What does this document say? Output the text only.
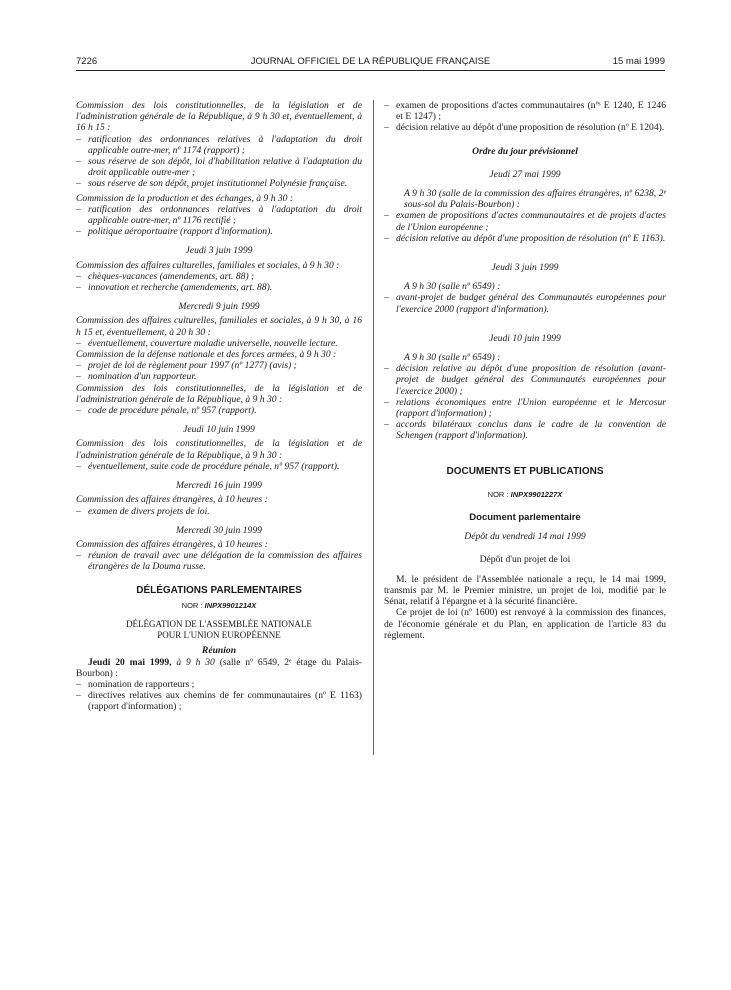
7226	JOURNAL OFFICIEL DE LA RÉPUBLIQUE FRANÇAISE	15 mai 1999

Commission des lois constitutionnelles, de la législation et de l'administration générale de la République, à 9 h 30 et, éventuellement, à 16 h 15 :

– ratification des ordonnances relatives à l'adaptation du droit applicable outre-mer, nº 1174 (rapport) ;

– sous réserve de son dépôt, loi d'habilitation relative à l'adaptation du droit applicable outre-mer ;

– sous réserve de son dépôt, projet institutionnel Polynésie française.

Commission de la production et des échanges, à 9 h 30 :

– ratification des ordonnances relatives à l'adaptation du droit applicable outre-mer, nº 1176 rectifié ;

– politique aéroportuaire (rapport d'information).

Jeudi 3 juin 1999

Commission des affaires culturelles, familiales et sociales, à 9 h 30 :

– chèques-vacances (amendements, art. 88) ;

– innovation et recherche (amendements, art. 88).

Mercredi 9 juin 1999

Commission des affaires culturelles, familiales et sociales, à 9 h 30, à 16 h 15 et, éventuellement, à 20 h 30 :

– éventuellement, couverture maladie universelle, nouvelle lecture.

Commission de la défense nationale et des forces armées, à 9 h 30 :

– projet de loi de règlement pour 1997 (nº 1277) (avis) ;

– nomination d'un rapporteur.

Commission des lois constitutionnelles, de la législation et de l'administration générale de la République, à 9 h 30 :

– code de procédure pénale, nº 957 (rapport).

Jeudi 10 juin 1999

Commission des lois constitutionnelles, de la législation et de l'administration générale de la République, à 9 h 30 :

– éventuellement, suite code de procédure pénale, nº 957 (rapport).

Mercredi 16 juin 1999

Commission des affaires étrangères, à 10 heures :

– examen de divers projets de loi.

Mercredi 30 juin 1999

Commission des affaires étrangères, à 10 heures :

– réunion de travail avec une délégation de la commission des affaires étrangères de la Douma russe.

DÉLÉGATIONS PARLEMENTAIRES

NOR : INPX9901214X

DÉLÉGATION DE L'ASSEMBLÉE NATIONALE

POUR L'UNION EUROPÉENNE

Réunion

Jeudi 20 mai 1999, à 9 h 30 (salle nº 6549, 2ᵉ étage du Palais-Bourbon) :

– nomination de rapporteurs ;

– directives relatives aux chemins de fer communautaires (nº E 1163) (rapport d'information) ;

– examen de propositions d'actes communautaires (nºˢ E 1240, E 1246 et E 1247) ;

– décision relative au dépôt d'une proposition de résolution (nº E 1204).

Ordre du jour prévisionnel

Jeudi 27 mai 1999

A 9 h 30 (salle de la commission des affaires étrangères, nº 6238, 2ᵉ sous-sol du Palais-Bourbon) :

– examen de propositions d'actes communautaires et de projets d'actes de l'Union européenne ;

– décision relative au dépôt d'une proposition de résolution (nº E 1163).

Jeudi 3 juin 1999

A 9 h 30 (salle nº 6549) :

– avant-projet de budget général des Communautés européennes pour l'exercice 2000 (rapport d'information).

Jeudi 10 juin 1999

A 9 h 30 (salle nº 6549) :

– décision relative au dépôt d'une proposition de résolution (avant-projet de budget général des Communautés européennes pour l'exercice 2000) ;

– relations économiques entre l'Union européenne et le Mercosur (rapport d'information) ;

– accords bilatéraux conclus dans le cadre de la convention de Schengen (rapport d'information).

DOCUMENTS ET PUBLICATIONS

NOR : INPX9901227X

Document parlementaire

Dépôt du vendredi 14 mai 1999

Dépôt d'un projet de loi

M. le président de l'Assemblée nationale a reçu, le 14 mai 1999, transmis par M. le Premier ministre, un projet de loi, modifié par le Sénat, relatif à l'épargne et à la sécurité financière.

Ce projet de loi (nº 1600) est renvoyé à la commission des finances, de l'économie générale et du Plan, en application de l'article 83 du règlement.
